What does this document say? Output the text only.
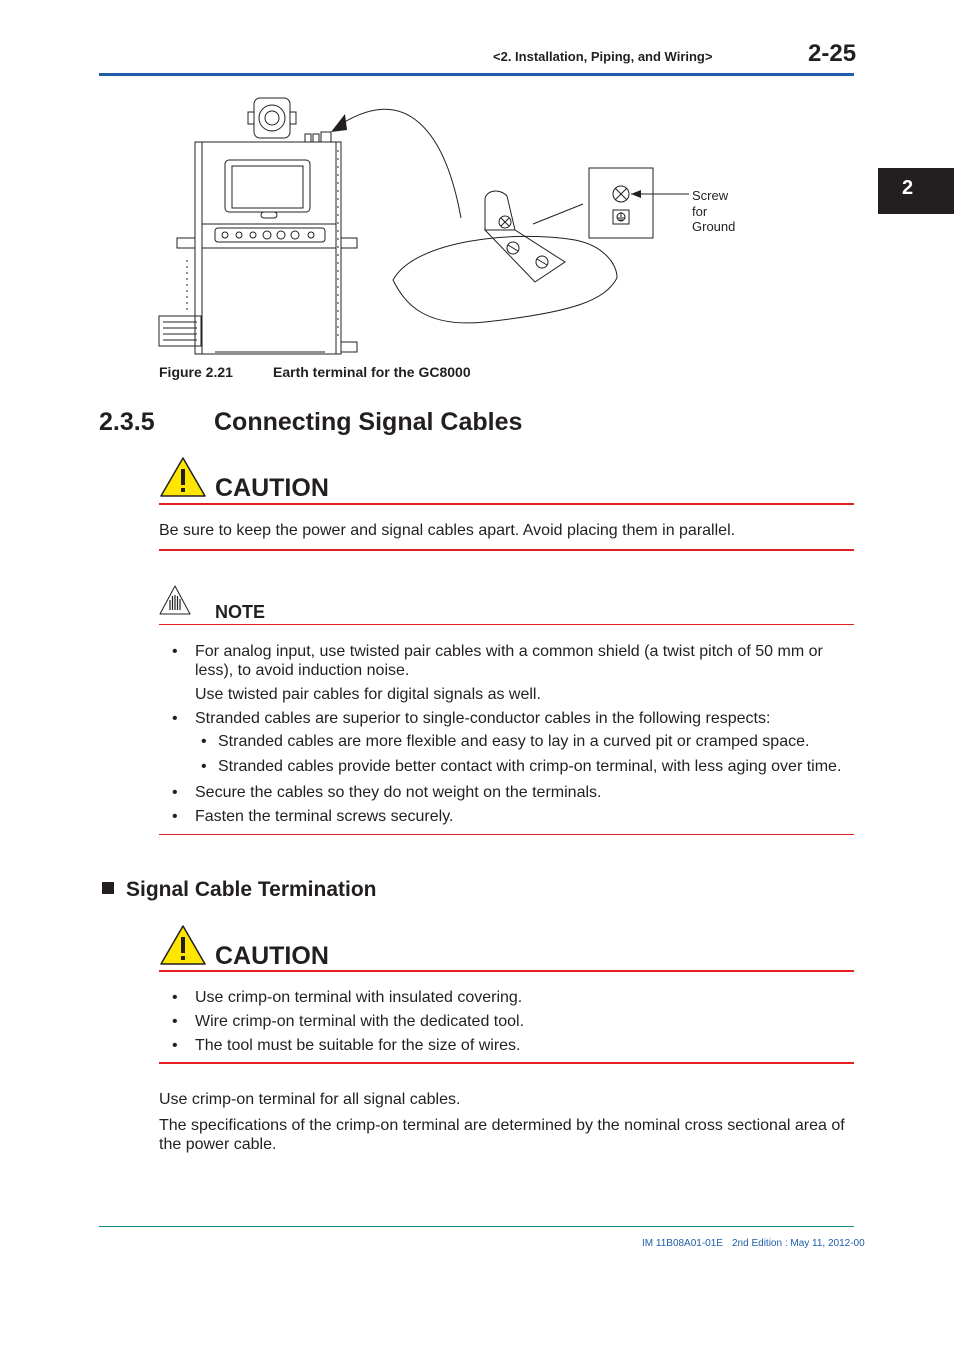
<2. Installation, Piping, and Wiring>	2-25
2
Screw
for
Ground
Figure 2.21	Earth terminal for the GC8000
2.3.5 Connecting Signal Cables
CAUTION
Be sure to keep the power and signal cables apart. Avoid placing them in parallel.
NOTE
• For analog input, use twisted pair cables with a common shield (a twist pitch of 50 mm or
less), to avoid induction noise.
Use twisted pair cables for digital signals as well.
• Stranded cables are superior to single-conductor cables in the following respects:
• Stranded cables are more flexible and easy to lay in a curved pit or cramped space.
• Stranded cables provide better contact with crimp-on terminal, with less aging over time.
• Secure the cables so they do not weight on the terminals.
• Fasten the terminal screws securely.
Signal Cable Termination
CAUTION
• Use crimp-on terminal with insulated covering.
• Wire crimp-on terminal with the dedicated tool.
• The tool must be suitable for the size of wires.
Use crimp-on terminal for all signal cables.
The specifications of the crimp-on terminal are determined by the nominal cross sectional area of
the power cable.
IM 11B08A01-01E 2nd Edition : May 11, 2012-00
